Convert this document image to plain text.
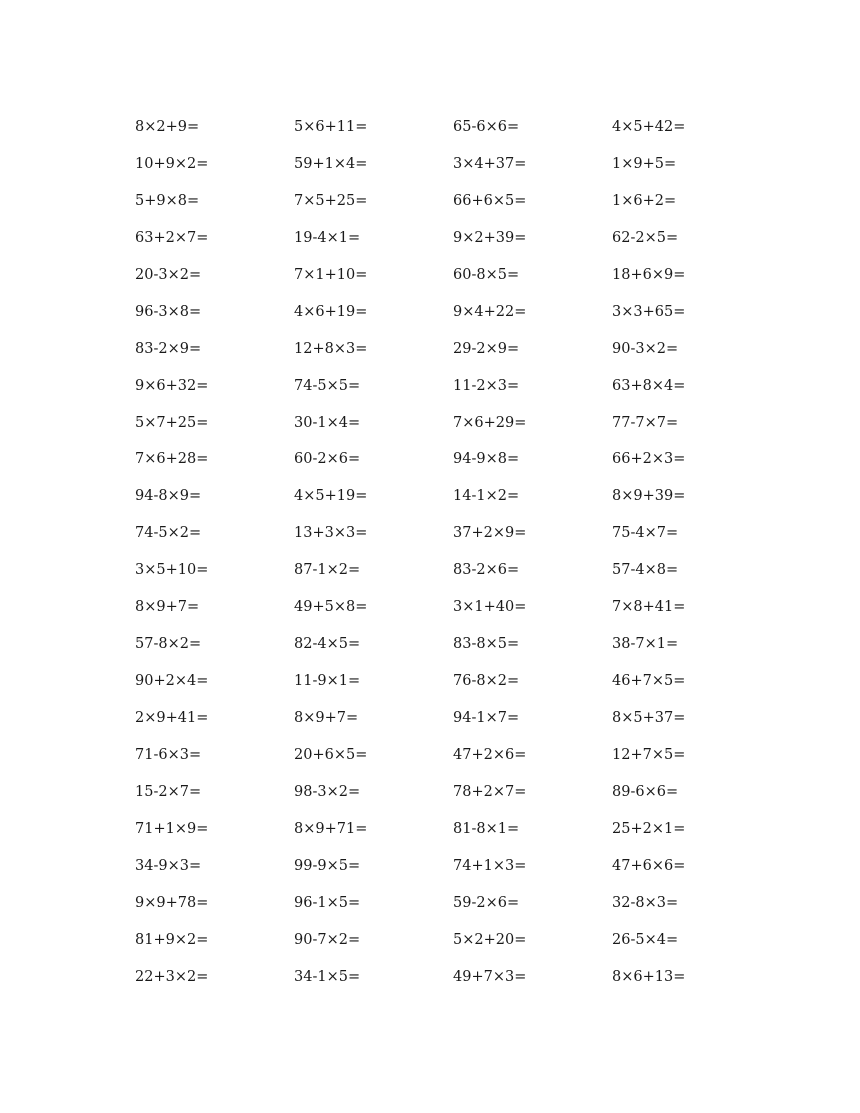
8×2+9=	5×6+11=	65-6×6=	4×5+42=
10+9×2=	59+1×4=	3×4+37=	1×9+5=
5+9×8=	7×5+25=	66+6×5=	1×6+2=
63+2×7=	19-4×1=	9×2+39=	62-2×5=
20-3×2=	7×1+10=	60-8×5=	18+6×9=
96-3×8=	4×6+19=	9×4+22=	3×3+65=
83-2×9=	12+8×3=	29-2×9=	90-3×2=
9×6+32=	74-5×5=	11-2×3=	63+8×4=
5×7+25=	30-1×4=	7×6+29=	77-7×7=
7×6+28=	60-2×6=	94-9×8=	66+2×3=
94-8×9=	4×5+19=	14-1×2=	8×9+39=
74-5×2=	13+3×3=	37+2×9=	75-4×7=
3×5+10=	87-1×2=	83-2×6=	57-4×8=
8×9+7=	49+5×8=	3×1+40=	7×8+41=
57-8×2=	82-4×5=	83-8×5=	38-7×1=
90+2×4=	11-9×1=	76-8×2=	46+7×5=
2×9+41=	8×9+7=	94-1×7=	8×5+37=
71-6×3=	20+6×5=	47+2×6=	12+7×5=
15-2×7=	98-3×2=	78+2×7=	89-6×6=
71+1×9=	8×9+71=	81-8×1=	25+2×1=
34-9×3=	99-9×5=	74+1×3=	47+6×6=
9×9+78=	96-1×5=	59-2×6=	32-8×3=
81+9×2=	90-7×2=	5×2+20=	26-5×4=
22+3×2=	34-1×5=	49+7×3=	8×6+13=
